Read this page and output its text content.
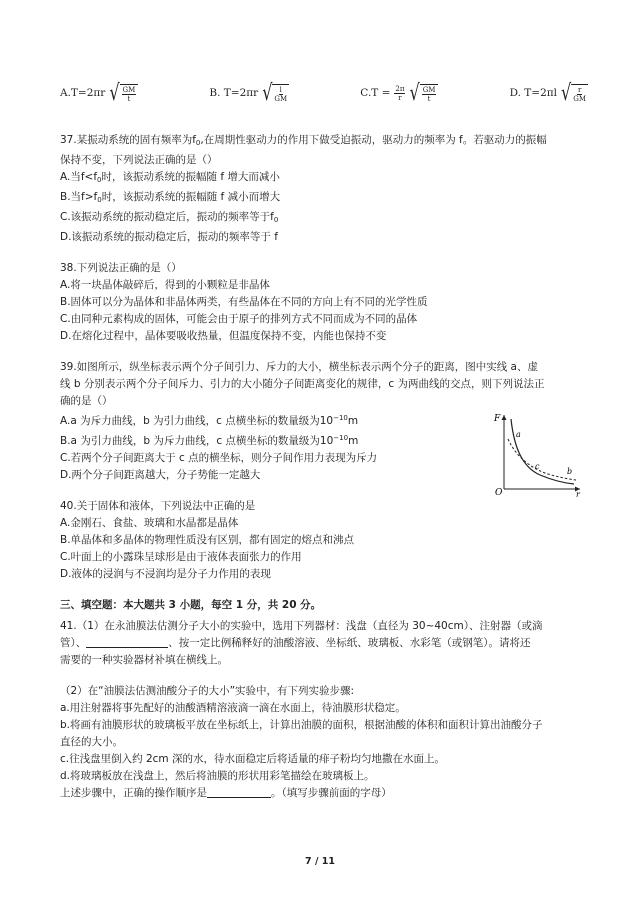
A.T=2πr √ $\frac{GM}{t}$	B. T=2πr √ $\frac{l}{GM}$	$C.T = \frac{2\pi}{r}$ √ $\frac{GM}{t}$	D. T=2πl √ $\frac{r}{GM}$

37.某振动系统的固有频率为$f_0$,在周期性驱动力的作用下做受迫振动，驱动力的频率为 f。若驱动力的振幅

保持不变，下列说法正确的是（）

A.当$f<f_0$时，该振动系统的振幅随 f 增大而减小

B.当$f>f_0$时，该振动系统的振幅随 f 减小而增大

C.该振动系统的振动稳定后，振动的频率等于$f_0$

D.该振动系统的振动稳定后，振动的频率等于 f

38.下列说法正确的是（）

A.将一块晶体敲碎后，得到的小颗粒是非晶体

B.固体可以分为晶体和非晶体两类，有些晶体在不同的方向上有不同的光学性质

C.由同种元素构成的固体，可能会由于原子的排列方式不同而成为不同的晶体

D.在熔化过程中，晶体要吸收热量，但温度保持不变，内能也保持不变

39.如图所示，纵坐标表示两个分子间引力、斥力的大小，横坐标表示两个分子的距离，图中实线 a、虚

线 b 分别表示两个分子间斥力、引力的大小随分子间距离变化的规律，c 为两曲线的交点，则下列说法正

确的是（）

A.a 为斥力曲线，b 为引力曲线，c 点横坐标的数量级为$10^{-10}m$

B.a 为引力曲线，b 为斥力曲线，c 点横坐标的数量级为$10^{-10}m$

C.若两个分子间距离大于 c 点的横坐标，则分子间作用力表现为斥力

D.两个分子间距离越大，分子势能一定越大

F
a
c
b
O	r

40.关于固体和液体，下列说法中正确的是

A.金刚石、食盐、玻璃和水晶都是晶体

B.单晶体和多晶体的物理性质没有区别，都有固定的熔点和沸点

C.叶面上的小露珠呈球形是由于液体表面张力的作用

D.液体的浸润与不浸润均是分子力作用的表现

三、填空题：本大题共 3 小题，每空 1 分，共 20 分。

41.（1）在永油膜法估测分子大小的实验中，选用下列器材：浅盘（直径为 30~40cm）、注射器（或滴

管）、	、按一定比例稀释好的油酸溶液、坐标纸、玻璃板、水彩笔（或钢笔）。请将还

需要的一种实验器材补填在横线上。

（2）在“油膜法估测油酸分子的大小”实验中，有下列实验步骤:

a.用注射器将事先配好的油酸酒精溶液滴一滴在水面上，待油膜形状稳定。

b.将画有油膜形状的玻璃板平放在坐标纸上，计算出油膜的面积，根据油酸的体积和面积计算出油酸分子

直径的大小。

c.往浅盘里倒入约 2cm 深的水，待水面稳定后将适量的痱子粉均匀地撒在水面上。

d.将玻璃板放在浅盘上，然后将油膜的形状用彩笔描绘在玻璃板上。

上述步骤中，正确的操作顺序是	。（填写步骤前面的字母）

7 / 11
